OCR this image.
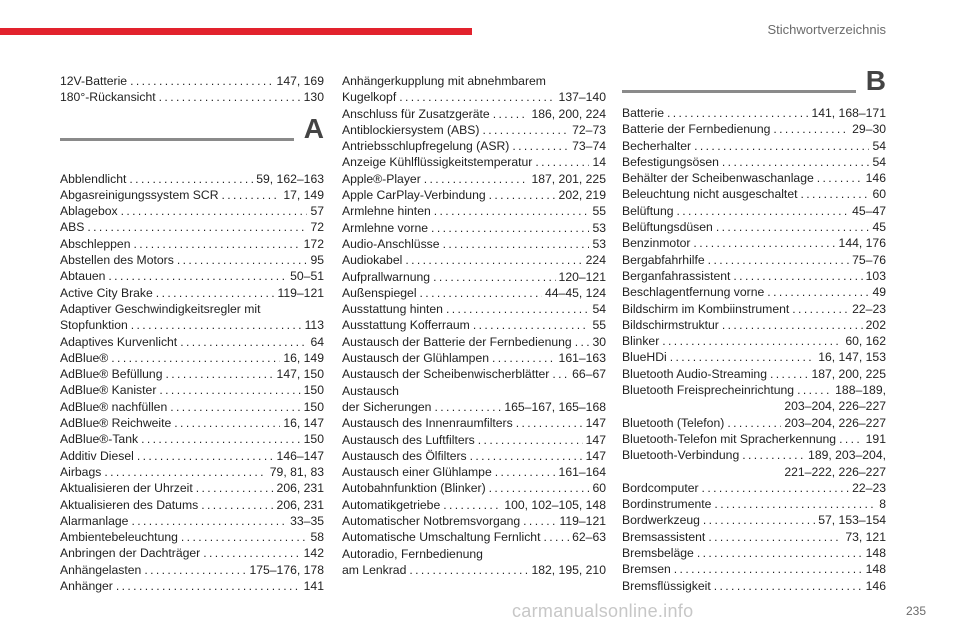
Stichwortverzeichnis
12V-Batterie . . .	147, 169
180°-Rückansicht . . .	130
A
Abblendlicht . . .	59, 162–163
Abgasreinigungssystem SCR . . .	17, 149
Ablagebox . . .	57
ABS . . .	72
Abschleppen . . .	172
Abstellen des Motors . . .	95
Abtauen . . .	50–51
Active City Brake . . .	119–121
Adaptiver Geschwindigkeitsregler mit
Stopfunktion . . .	113
Adaptives Kurvenlicht . . .	64
AdBlue® . . .	16, 149
AdBlue® Befüllung . . .	147, 150
AdBlue® Kanister . . .	150
AdBlue® nachfüllen . . .	150
AdBlue® Reichweite . . .	16, 147
AdBlue®-Tank . . .	150
Additiv Diesel . . .	146–147
Airbags . . .	79, 81, 83
Aktualisieren der Uhrzeit . . .	206, 231
Aktualisieren des Datums . . .	206, 231
Alarmanlage . . .	33–35
Ambientebeleuchtung . . .	58
Anbringen der Dachträger . . .	142
Anhängelasten . . .	175–176, 178
Anhänger . . .	141
Anhängerkupplung mit abnehmbarem
Kugelkopf . . .	137–140
Anschluss für Zusatzgeräte . . .	186, 200, 224
Antiblockiersystem (ABS) . . .	72–73
Antriebsschlupfregelung (ASR) . . .	73–74
Anzeige Kühlflüssigkeitstemperatur . . .	14
Apple®-Player . . .	187, 201, 225
Apple CarPlay-Verbindung . . .	202, 219
Armlehne hinten . . .	55
Armlehne vorne . . .	53
Audio-Anschlüsse . . .	53
Audiokabel . . .	224
Aufprallwarnung . . .	120–121
Außenspiegel . . .	44–45, 124
Ausstattung hinten . . .	54
Ausstattung Kofferraum . . .	55
Austausch der Batterie der Fernbedienung . . . 30
Austausch der Glühlampen . . .	161–163
Austausch der Scheibenwischerblätter . . . 66–67
Austausch
der Sicherungen . . .	165–167, 165–168
Austausch des Innenraumfilters . . .	147
Austausch des Luftfilters . . .	147
Austausch des Ölfilters . . .	147
Austausch einer Glühlampe . . .	161–164
Autobahnfunktion (Blinker) . . .	60
Automatikgetriebe . . .	100, 102–105, 148
Automatischer Notbremsvorgang . . .	119–121
Automatische Umschaltung Fernlicht . . .	62–63
Autoradio, Fernbedienung
am Lenkrad . . .	182, 195, 210
B
Batterie . . .	141, 168–171
Batterie der Fernbedienung . . .	29–30
Becherhalter . . .	54
Befestigungsösen . . .	54
Behälter der Scheibenwaschanlage . . .	146
Beleuchtung nicht ausgeschaltet . . .	60
Belüftung . . .	45–47
Belüftungsdüsen . . .	45
Benzinmotor . . .	144, 176
Bergabfahrhilfe . . .	75–76
Berganfahrassistent . . .	103
Beschlagentfernung vorne . . .	49
Bildschirm im Kombiinstrument . . .	22–23
Bildschirmstruktur . . .	202
Blinker . . .	60, 162
BlueHDi . . .	16, 147, 153
Bluetooth Audio-Streaming . . .	187, 200, 225
Bluetooth Freisprecheinrichtung . . .	188–189,
203–204, 226–227
Bluetooth (Telefon) . . .	203–204, 226–227
Bluetooth-Telefon mit Spracherkennung . . . 191
Bluetooth-Verbindung . . .	189, 203–204,
221–222, 226–227
Bordcomputer . . .	22–23
Bordinstrumente . . .	8
Bordwerkzeug . . .	57, 153–154
Bremsassistent . . .	73, 121
Bremsbeläge . . .	148
Bremsen . . .	148
Bremsflüssigkeit . . .	146
carmanualsonline.info	235
